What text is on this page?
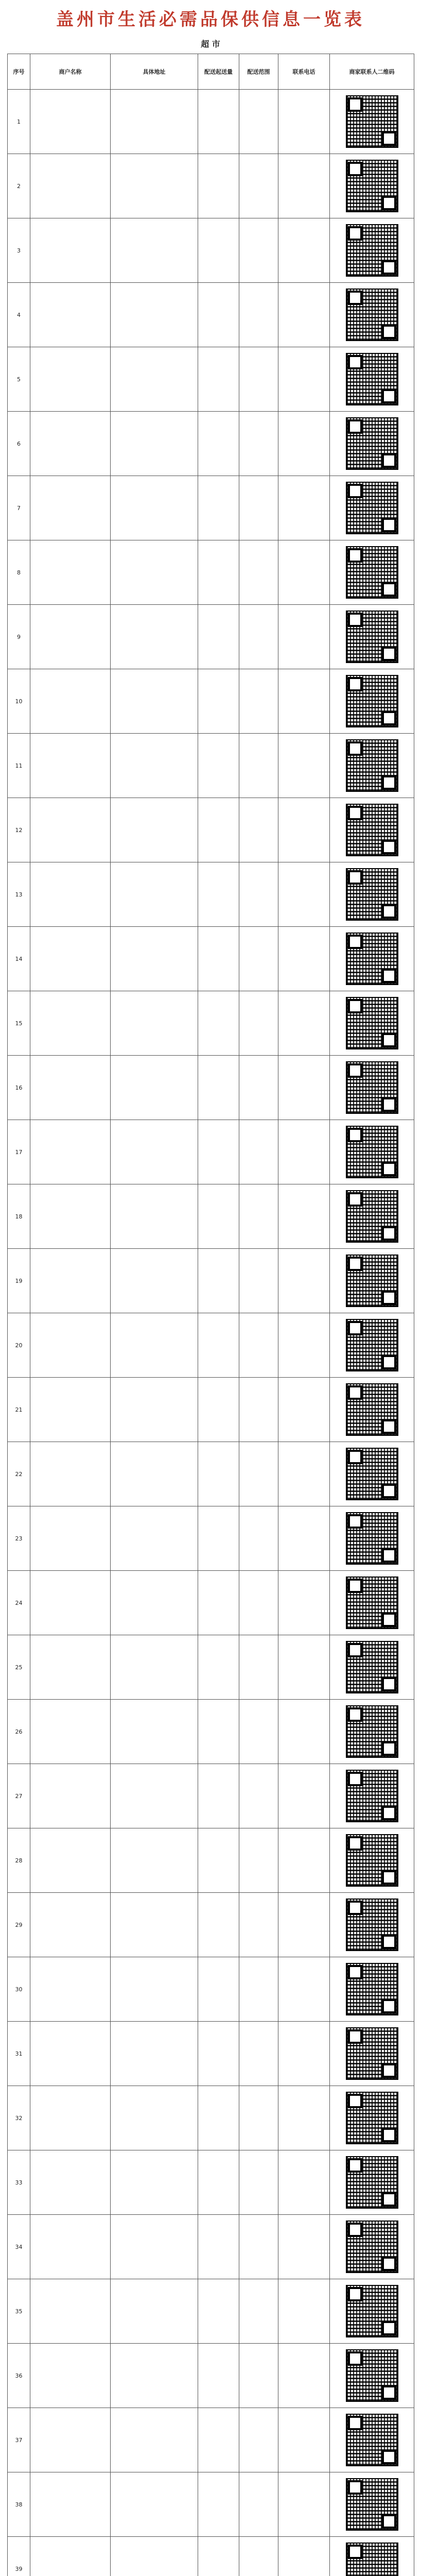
盖州市生活必需品保供信息一览表
超 市
序号	商户名称	具体地址	配送起送量	配送范围	联系电话	商家联系人二维码
1						

2						

3						

4						

5						

6						

7						

8						

9						

10						

11						

12						

13						

14						

15						

16						

17						

18						

19						

20						

21						

22						

23						

24						

25						

26						

27						

28						

29						

30						

31						

32						

33						

34						

35						

36						

37						

38						

39						
